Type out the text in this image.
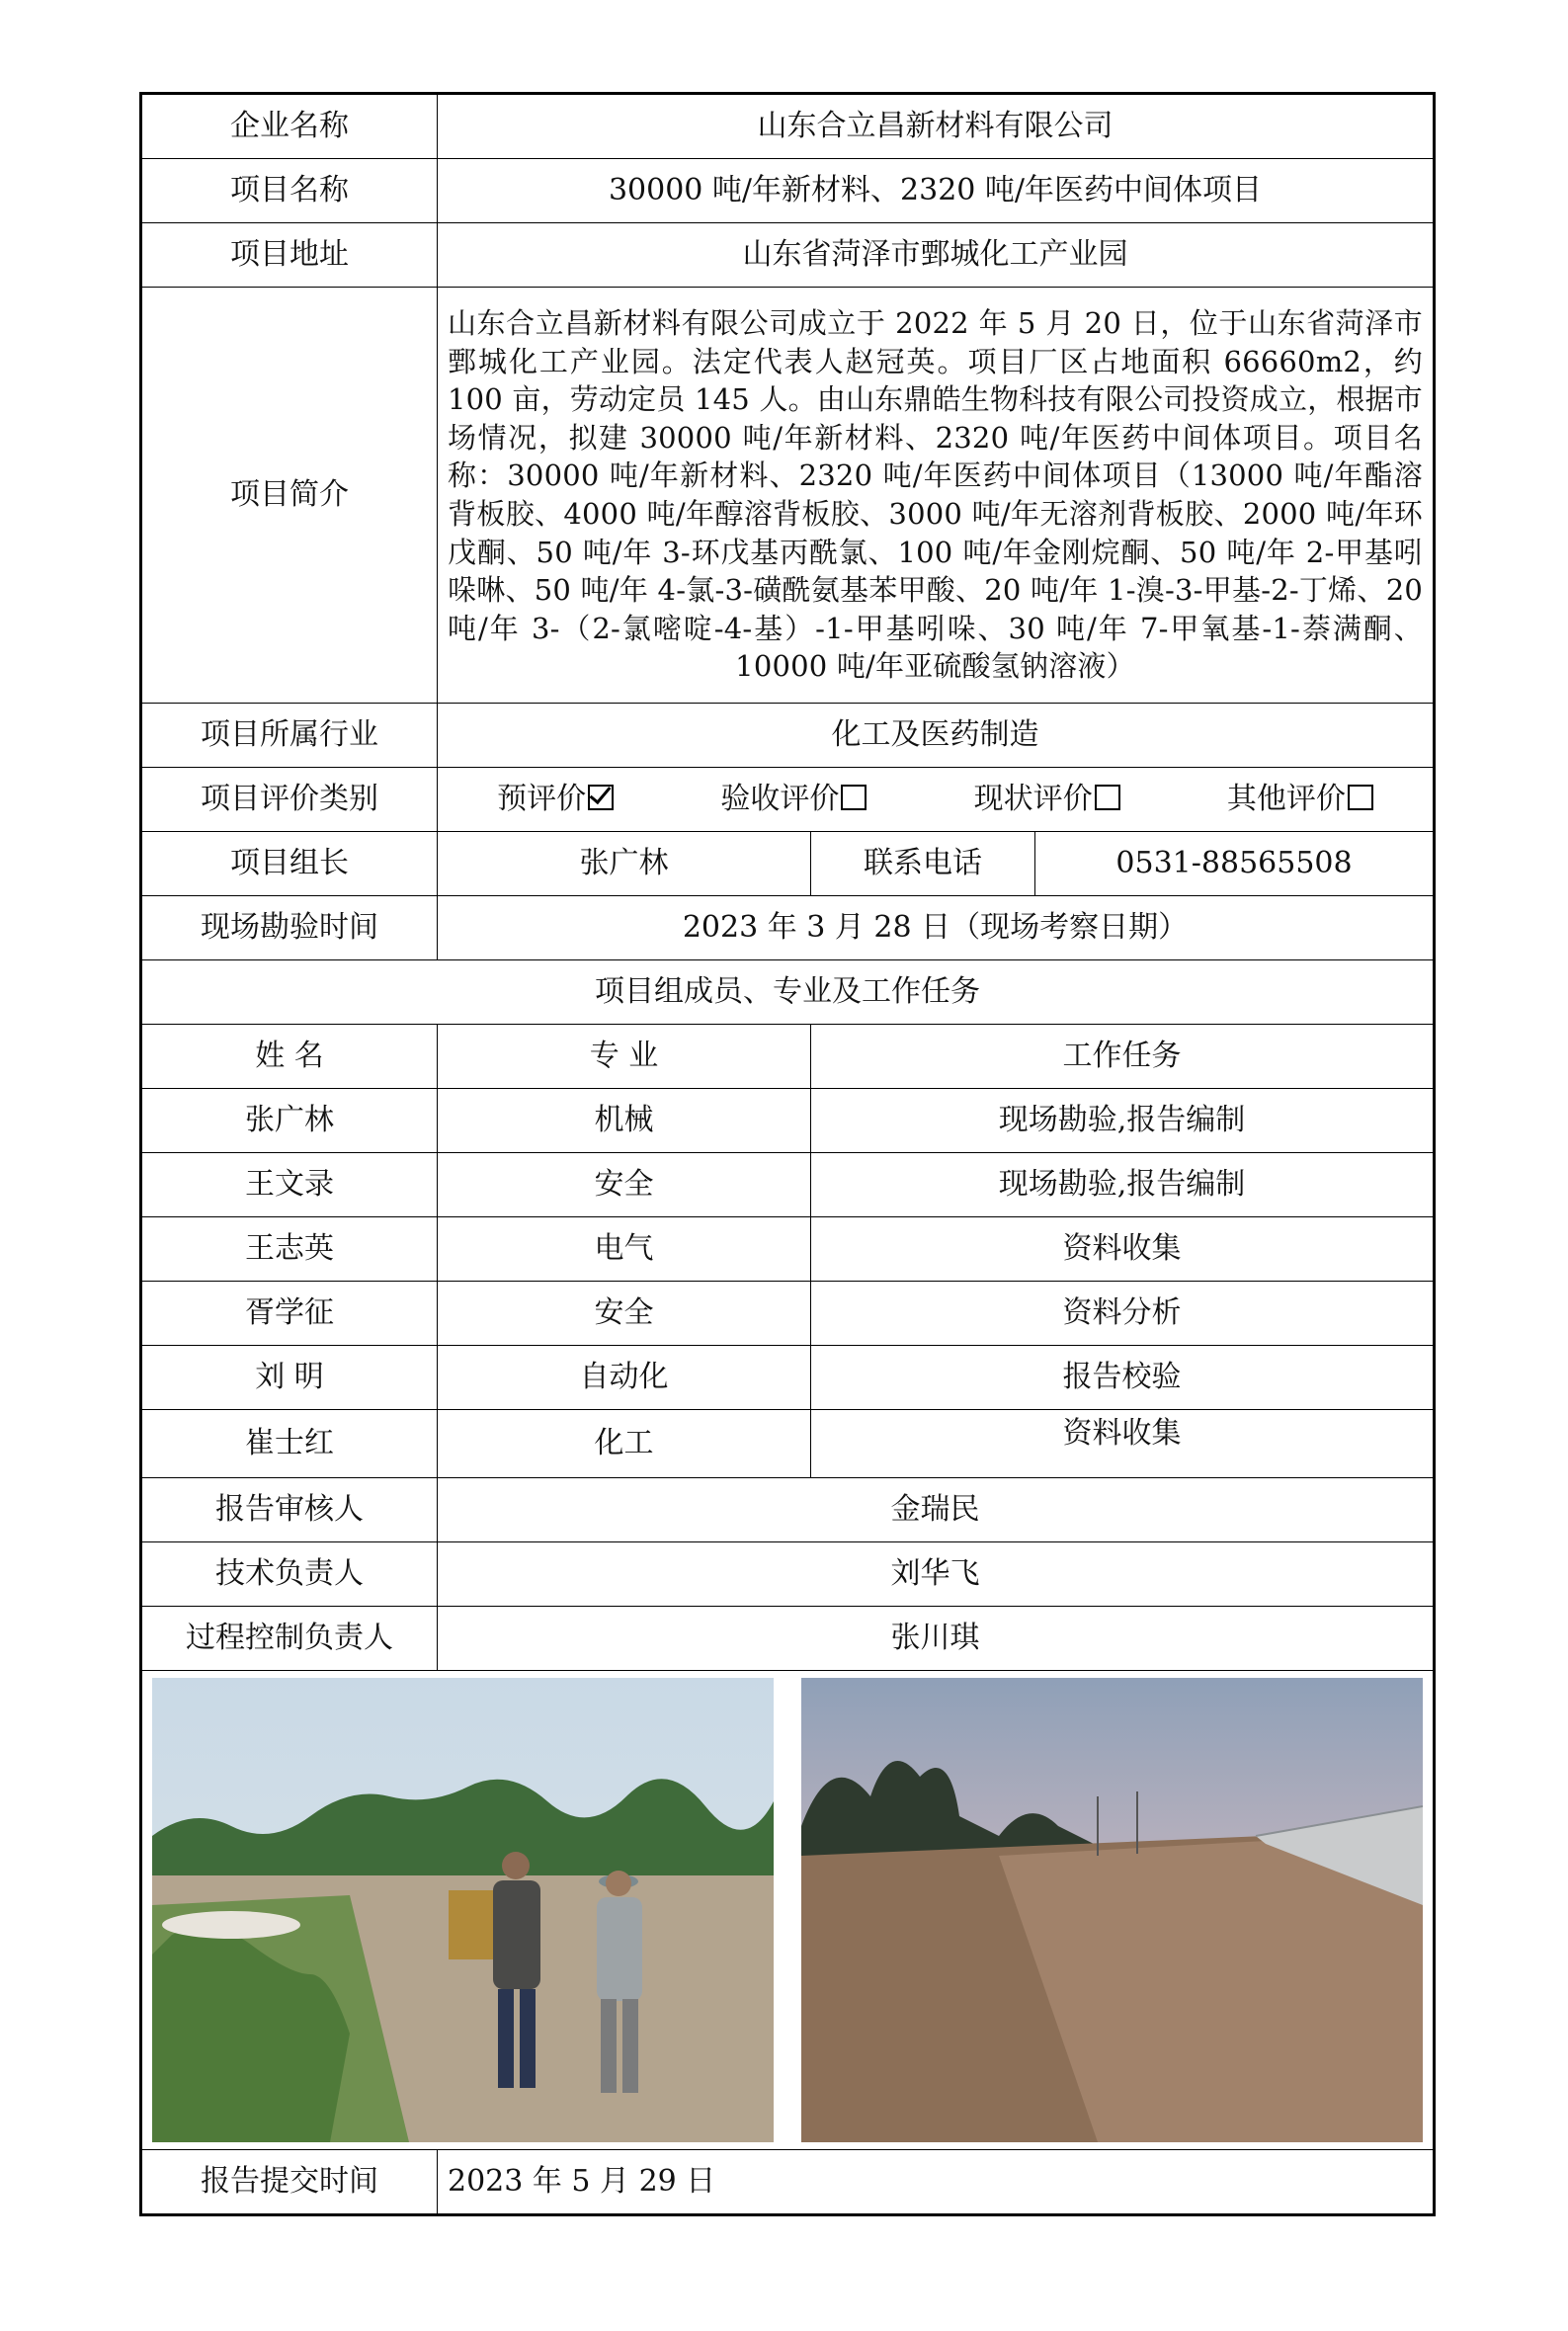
企业名称	山东合立昌新材料有限公司		
项目名称	30000 吨/年新材料、2320 吨/年医药中间体项目		
项目地址	山东省菏泽市鄄城化工产业园		
项目简介	山东合立昌新材料有限公司成立于 2022 年 5 月 20 日，位于山东省菏泽市鄄城化工产业园。法定代表人赵冠英。项目厂区占地面积 66660m2，约 100 亩，劳动定员 145 人。由山东鼎皓生物科技有限公司投资成立，根据市场情况，拟建 30000 吨/年新材料、2320 吨/年医药中间体项目。项目名称：30000 吨/年新材料、2320 吨/年医药中间体项目（13000 吨/年酯溶背板胶、4000 吨/年醇溶背板胶、3000 吨/年无溶剂背板胶、2000 吨/年环戊酮、50 吨/年 3-环戊基丙酰氯、100 吨/年金刚烷酮、50 吨/年 2-甲基吲哚啉、50 吨/年 4-氯-3-磺酰氨基苯甲酸、20 吨/年 1-溴-3-甲基-2-丁烯、20 吨/年 3-（2-氯嘧啶-4-基）-1-甲基吲哚、30 吨/年 7-甲氧基-1-萘满酮、10000 吨/年亚硫酸氢钠溶液）		
项目所属行业	化工及医药制造		
项目评价类别	预评价 验收评价 现状评价 其他评价		

项目组长	张广林	联系电话	0531-88565508
现场勘验时间	2023 年 3 月 28 日（现场考察日期）		
项目组成员、专业及工作任务			
姓 名	专 业	工作任务	
张广林	机械	现场勘验,报告编制	
王文录	安全	现场勘验,报告编制	
王志英	电气	资料收集	
胥学征	安全	资料分析	
刘 明	自动化	报告校验	
崔士红	化工	资料收集	
报告审核人	金瑞民		
技术负责人	刘华飞		
过程控制负责人	张川琪		

报告提交时间	2023 年 5 月 29 日		
